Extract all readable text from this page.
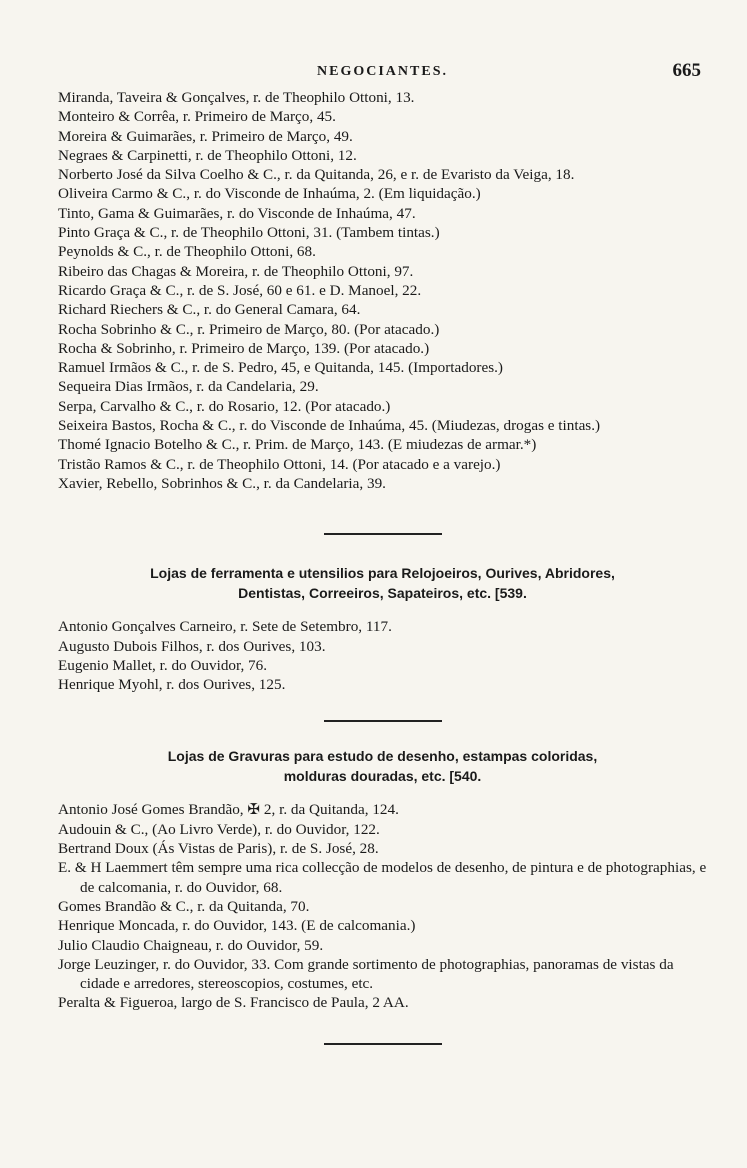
NEGOCIANTES.	665
Miranda, Taveira & Gonçalves, r. de Theophilo Ottoni, 13.
Monteiro & Corrêa, r. Primeiro de Março, 45.
Moreira & Guimarães, r. Primeiro de Março, 49.
Negraes & Carpinetti, r. de Theophilo Ottoni, 12.
Norberto José da Silva Coelho & C., r. da Quitanda, 26, e r. de Evaristo da Veiga, 18.
Oliveira Carmo & C., r. do Visconde de Inhaúma, 2. (Em liquidação.)
Tinto, Gama & Guimarães, r. do Visconde de Inhaúma, 47.
Pinto Graça & C., r. de Theophilo Ottoni, 31. (Tambem tintas.)
Peynolds & C., r. de Theophilo Ottoni, 68.
Ribeiro das Chagas & Moreira, r. de Theophilo Ottoni, 97.
Ricardo Graça & C., r. de S. José, 60 e 61. e D. Manoel, 22.
Richard Riechers & C., r. do General Camara, 64.
Rocha Sobrinho & C., r. Primeiro de Março, 80. (Por atacado.)
Rocha & Sobrinho, r. Primeiro de Março, 139. (Por atacado.)
Ramuel Irmãos & C., r. de S. Pedro, 45, e Quitanda, 145. (Importadores.)
Sequeira Dias Irmãos, r. da Candelaria, 29.
Serpa, Carvalho & C., r. do Rosario, 12. (Por atacado.)
Seixeira Bastos, Rocha & C., r. do Visconde de Inhaúma, 45. (Miudezas, drogas e tintas.)
Thomé Ignacio Botelho & C., r. Prim. de Março, 143. (E miudezas de armar.*)
Tristão Ramos & C., r. de Theophilo Ottoni, 14. (Por atacado e a varejo.)
Xavier, Rebello, Sobrinhos & C., r. da Candelaria, 39.
Lojas de ferramenta e utensilios para Relojoeiros, Ourives, Abridores,
Dentistas, Correeiros, Sapateiros, etc. [539.
Antonio Gonçalves Carneiro, r. Sete de Setembro, 117.
Augusto Dubois Filhos, r. dos Ourives, 103.
Eugenio Mallet, r. do Ouvidor, 76.
Henrique Myohl, r. dos Ourives, 125.
Lojas de Gravuras para estudo de desenho, estampas coloridas,
molduras douradas, etc. [540.
Antonio José Gomes Brandão, ✠ 2, r. da Quitanda, 124.
Audouin & C., (Ao Livro Verde), r. do Ouvidor, 122.
Bertrand Doux (Ás Vistas de Paris), r. de S. José, 28.
E. & H Laemmert têm sempre uma rica collecção de modelos de desenho, de pintura e de photographias, e de calcomania, r. do Ouvidor, 68.
Gomes Brandão & C., r. da Quitanda, 70.
Henrique Moncada, r. do Ouvidor, 143. (E de calcomania.)
Julio Claudio Chaigneau, r. do Ouvidor, 59.
Jorge Leuzinger, r. do Ouvidor, 33. Com grande sortimento de photographias, panoramas de vistas da cidade e arredores, stereoscopios, costumes, etc.
Peralta & Figueroa, largo de S. Francisco de Paula, 2 AA.
